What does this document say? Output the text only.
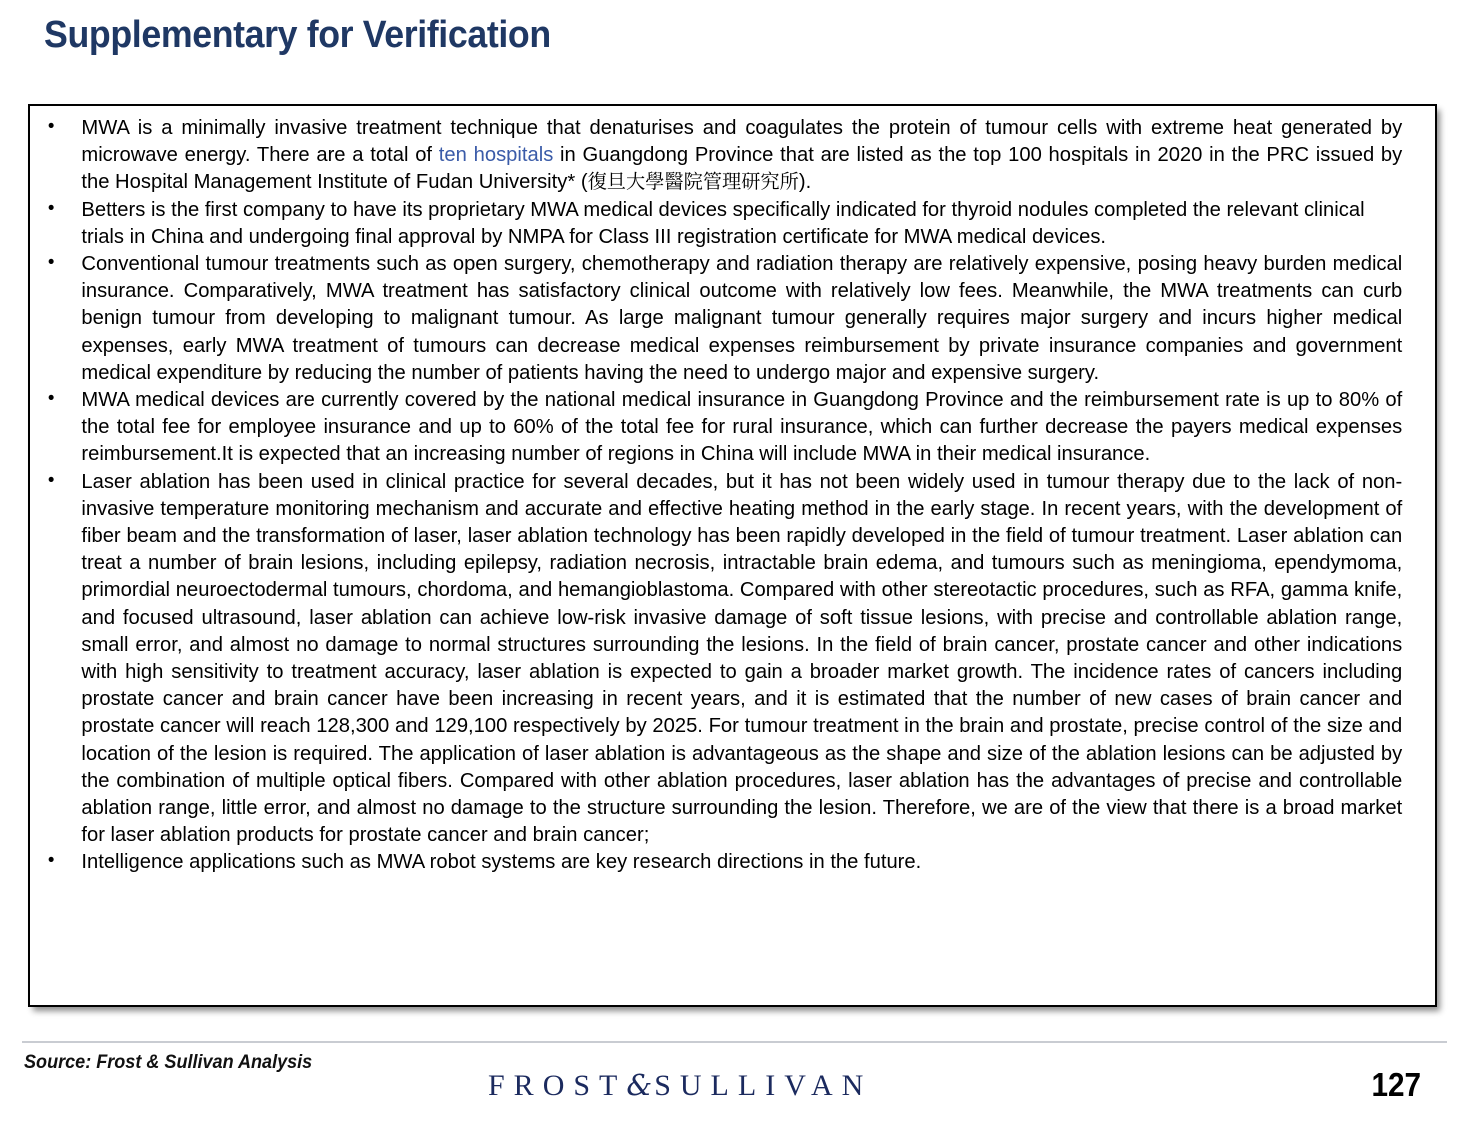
Supplementary for Verification
• MWA is a minimally invasive treatment technique that denaturises and coagulates the protein of tumour cells with extreme heat generated by microwave energy. There are a total of ten hospitals in Guangdong Province that are listed as the top 100 hospitals in 2020 in the PRC issued by the Hospital Management Institute of Fudan University* (復旦大學醫院管理研究所).
• Betters is the first company to have its proprietary MWA medical devices specifically indicated for thyroid nodules completed the relevant clinical trials in China and undergoing final approval by NMPA for Class III registration certificate for MWA medical devices.
• Conventional tumour treatments such as open surgery, chemotherapy and radiation therapy are relatively expensive, posing heavy burden medical insurance. Comparatively, MWA treatment has satisfactory clinical outcome with relatively low fees. Meanwhile, the MWA treatments can curb benign tumour from developing to malignant tumour. As large malignant tumour generally requires major surgery and incurs higher medical expenses, early MWA treatment of tumours can decrease medical expenses reimbursement by private insurance companies and government medical expenditure by reducing the number of patients having the need to undergo major and expensive surgery.
• MWA medical devices are currently covered by the national medical insurance in Guangdong Province and the reimbursement rate is up to 80% of the total fee for employee insurance and up to 60% of the total fee for rural insurance, which can further decrease the payers medical expenses reimbursement.It is expected that an increasing number of regions in China will include MWA in their medical insurance.
• Laser ablation has been used in clinical practice for several decades, but it has not been widely used in tumour therapy due to the lack of non-invasive temperature monitoring mechanism and accurate and effective heating method in the early stage. In recent years, with the development of fiber beam and the transformation of laser, laser ablation technology has been rapidly developed in the field of tumour treatment. Laser ablation can treat a number of brain lesions, including epilepsy, radiation necrosis, intractable brain edema, and tumours such as meningioma, ependymoma, primordial neuroectodermal tumours, chordoma, and hemangioblastoma. Compared with other stereotactic procedures, such as RFA, gamma knife, and focused ultrasound, laser ablation can achieve low-risk invasive damage of soft tissue lesions, with precise and controllable ablation range, small error, and almost no damage to normal structures surrounding the lesions. In the field of brain cancer, prostate cancer and other indications with high sensitivity to treatment accuracy, laser ablation is expected to gain a broader market growth. The incidence rates of cancers including prostate cancer and brain cancer have been increasing in recent years, and it is estimated that the number of new cases of brain cancer and prostate cancer will reach 128,300 and 129,100 respectively by 2025. For tumour treatment in the brain and prostate, precise control of the size and location of the lesion is required. The application of laser ablation is advantageous as the shape and size of the ablation lesions can be adjusted by the combination of multiple optical fibers. Compared with other ablation procedures, laser ablation has the advantages of precise and controllable ablation range, little error, and almost no damage to the structure surrounding the lesion. Therefore, we are of the view that there is a broad market for laser ablation products for prostate cancer and brain cancer;
• Intelligence applications such as MWA robot systems are key research directions in the future.
Source: Frost & Sullivan Analysis
FROST&SULLIVAN	127
